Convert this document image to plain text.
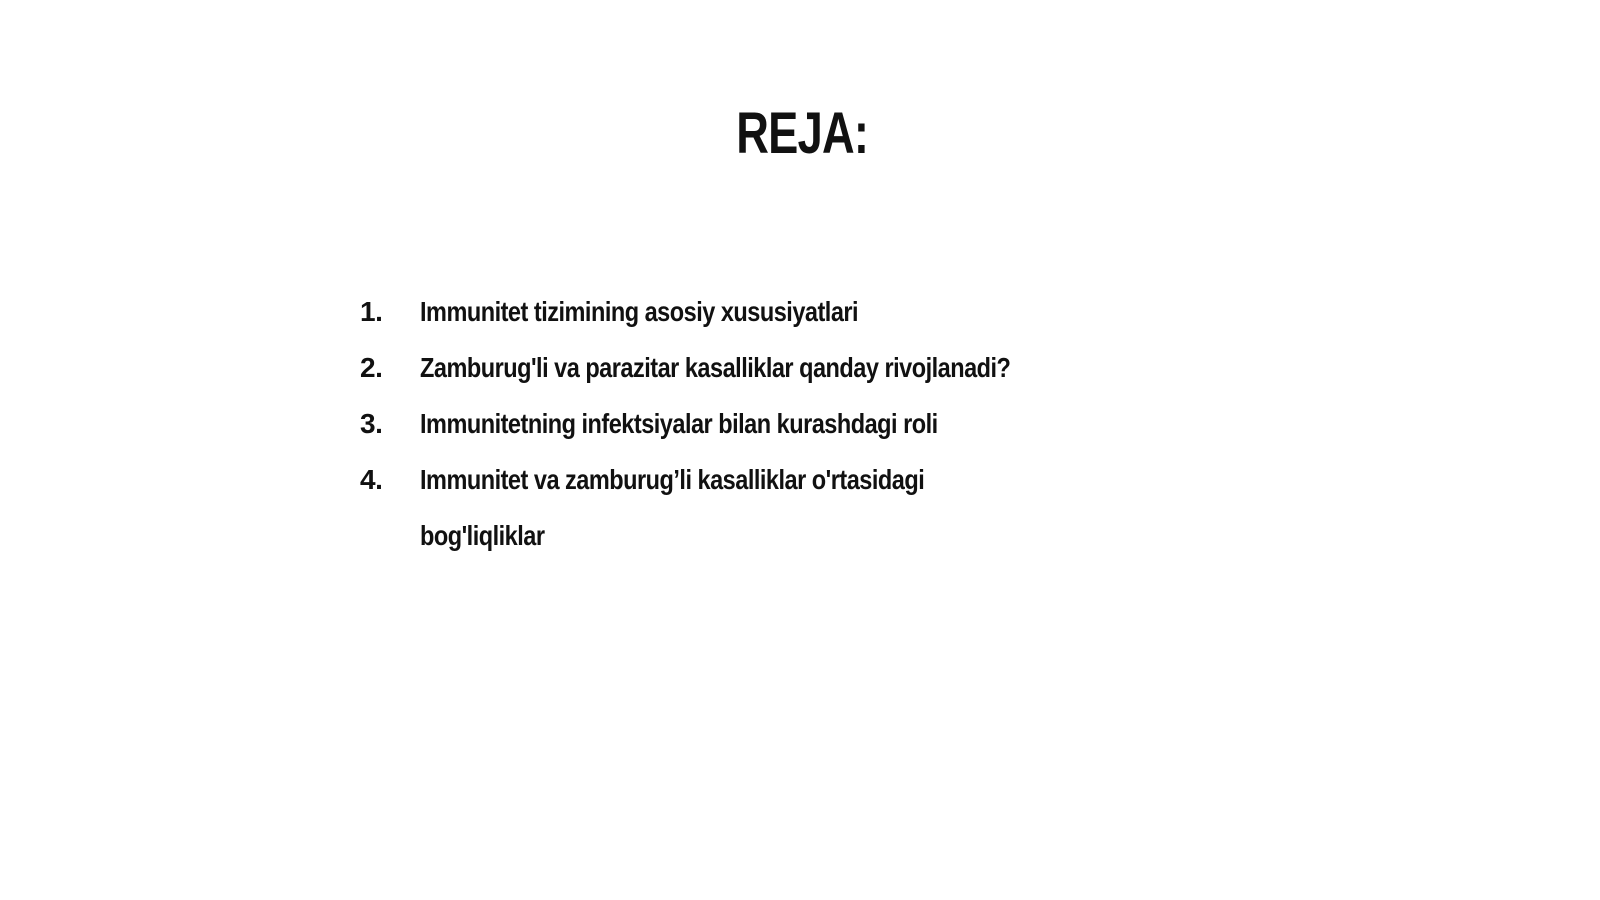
REJA:
1.	Immunitet tizimining asosiy xususiyatlari
2.	Zamburug'li va parazitar kasalliklar qanday rivojlanadi?
3.	Immunitetning infektsiyalar bilan kurashdagi roli
4.	Immunitet va zamburug’li kasalliklar o'rtasidagi bog'liqliklar
